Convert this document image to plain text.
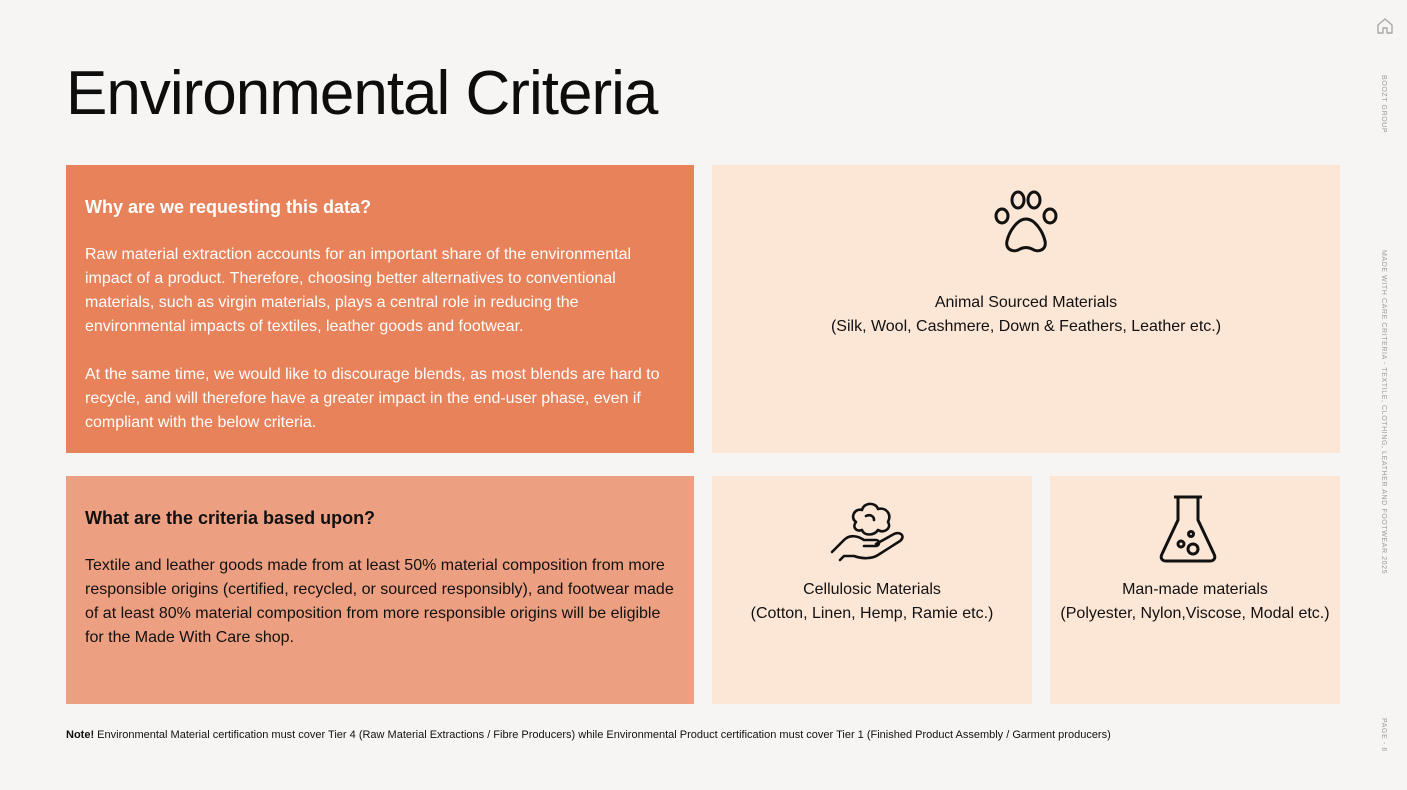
Environmental Criteria	BOOZT GROUP
MADE WITH CARE CRITERIA - TEXTILE, CLOTHING, LEATHER AND FOOTWEAR 2025
PAGE - 6
Why are we requesting this data?

Raw material extraction accounts for an important share of the environmental impact of a product. Therefore, choosing better alternatives to conventional materials, such as virgin materials, plays a central role in reducing the environmental impacts of textiles, leather goods and footwear.

At the same time, we would like to discourage blends, as most blends are hard to recycle, and will therefore have a greater impact in the end-user phase, even if compliant with the below criteria.

What are the criteria based upon?

Textile and leather goods made from at least 50% material composition from more responsible origins (certified, recycled, or sourced responsibly), and footwear made of at least 80% material composition from more responsible origins will be eligible for the Made With Care shop.

Animal Sourced Materials
(Silk, Wool, Cashmere, Down & Feathers, Leather etc.)
Cellulosic Materials
(Cotton, Linen, Hemp, Ramie etc.)
Man-made materials
(Polyester, Nylon,Viscose, Modal etc.)
Note! Environmental Material certification must cover Tier 4 (Raw Material Extractions / Fibre Producers) while Environmental Product certification must cover Tier 1 (Finished Product Assembly / Garment producers)
